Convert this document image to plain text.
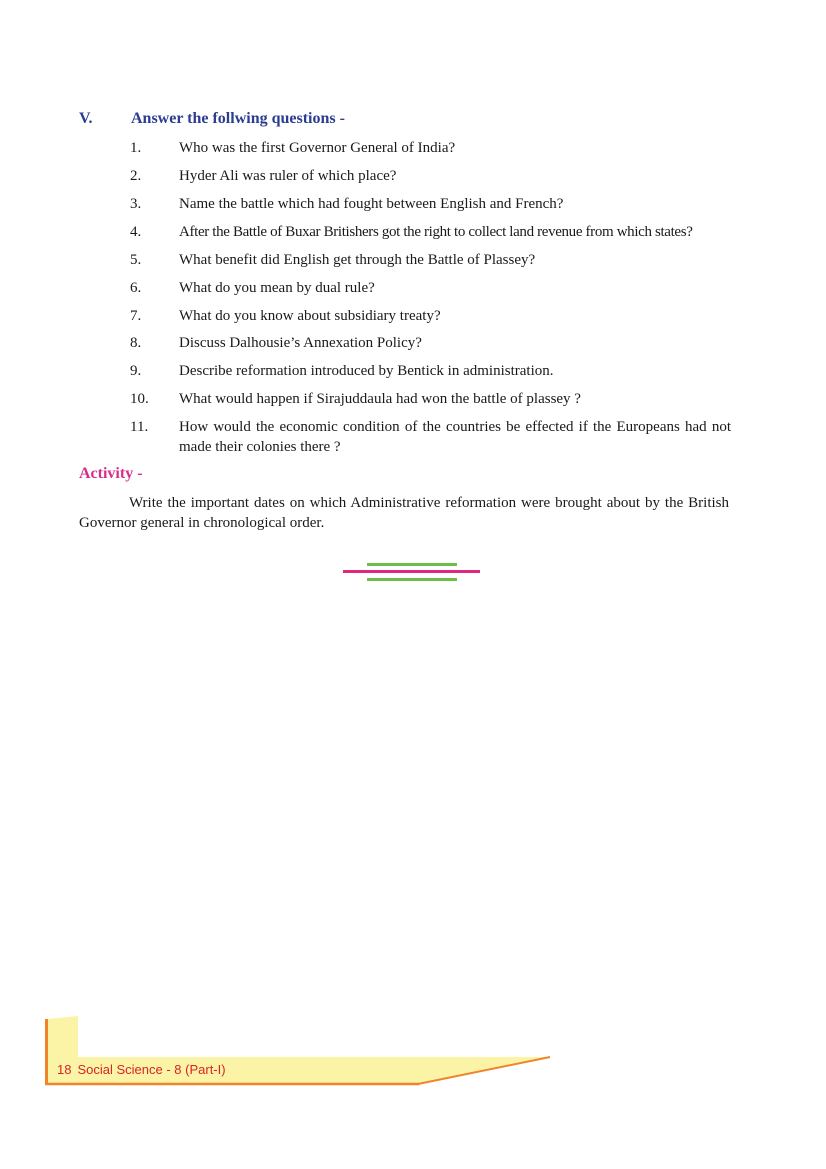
V. Answer the follwing questions -
1.	Who was the first Governor General of India?
2.	Hyder Ali was ruler of which place?
3.	Name the battle which had fought between English and French?
4.	After the Battle of Buxar Britishers got the right to collect land revenue from which states?
5.	What benefit did English get through the Battle of Plassey?
6.	What do you mean by dual rule?
7.	What do you know about subsidiary treaty?
8.	Discuss Dalhousie’s Annexation Policy?
9.	Describe reformation introduced by Bentick in administration.
10. What would happen if Sirajuddaula had won the battle of plassey ?
11. How would the economic condition of the countries be effected if the Europeans had not made their colonies there ?
Activity -
Write the important dates on which Administrative reformation were brought about by the British Governor general in chronological order.
18 Social Science - 8 (Part-I)
